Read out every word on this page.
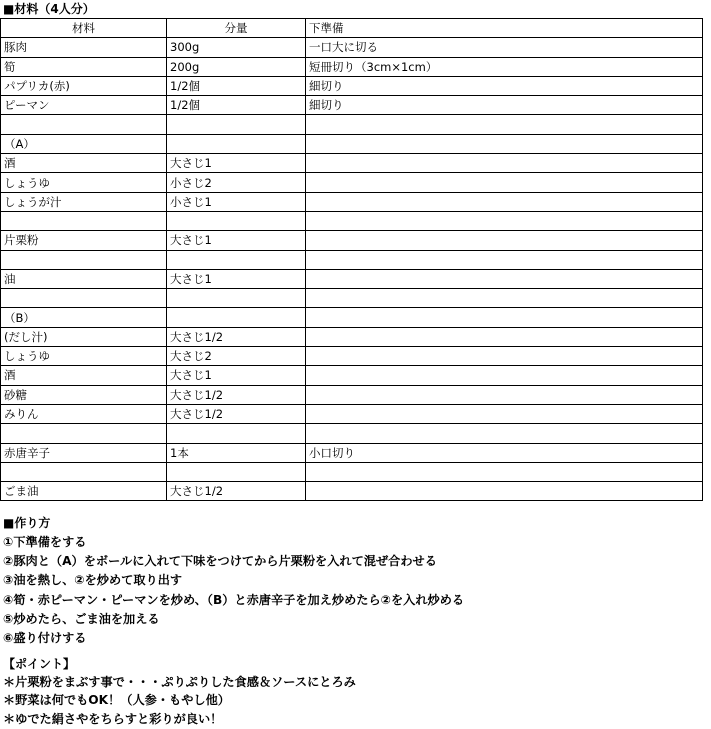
■材料（4人分）
材料	分量	下準備
豚肉	300g	一口大に切る
筍	200g	短冊切り（3cm×1cm）
パプリカ(赤)	1/2個	細切り
ピーマン	1/2個	細切り

（A）		
酒	大さじ1	
しょうゆ	小さじ2	
しょうが汁	小さじ1	

片栗粉	大さじ1	

油	大さじ1	

（B）		
(だし汁)	大さじ1/2	
しょうゆ	大さじ2	
酒	大さじ1	
砂糖	大さじ1/2	
みりん	大さじ1/2	

赤唐辛子	1本	小口切り

ごま油	大さじ1/2	
■作り方
①下準備をする
②豚肉と（A）をボールに入れて下味をつけてから片栗粉を入れて混ぜ合わせる
③油を熱し、②を炒めて取り出す
④筍・赤ピーマン・ピーマンを炒め、（B）と赤唐辛子を加え炒めたら②を入れ炒める
⑤炒めたら、ごま油を加える
⑥盛り付けする
【ポイント】
＊片栗粉をまぶす事で・・・ぷりぷりした食感＆ソースにとろみ
＊野菜は何でもOK！（人参・もやし他）
＊ゆでた絹さやをちらすと彩りが良い！
